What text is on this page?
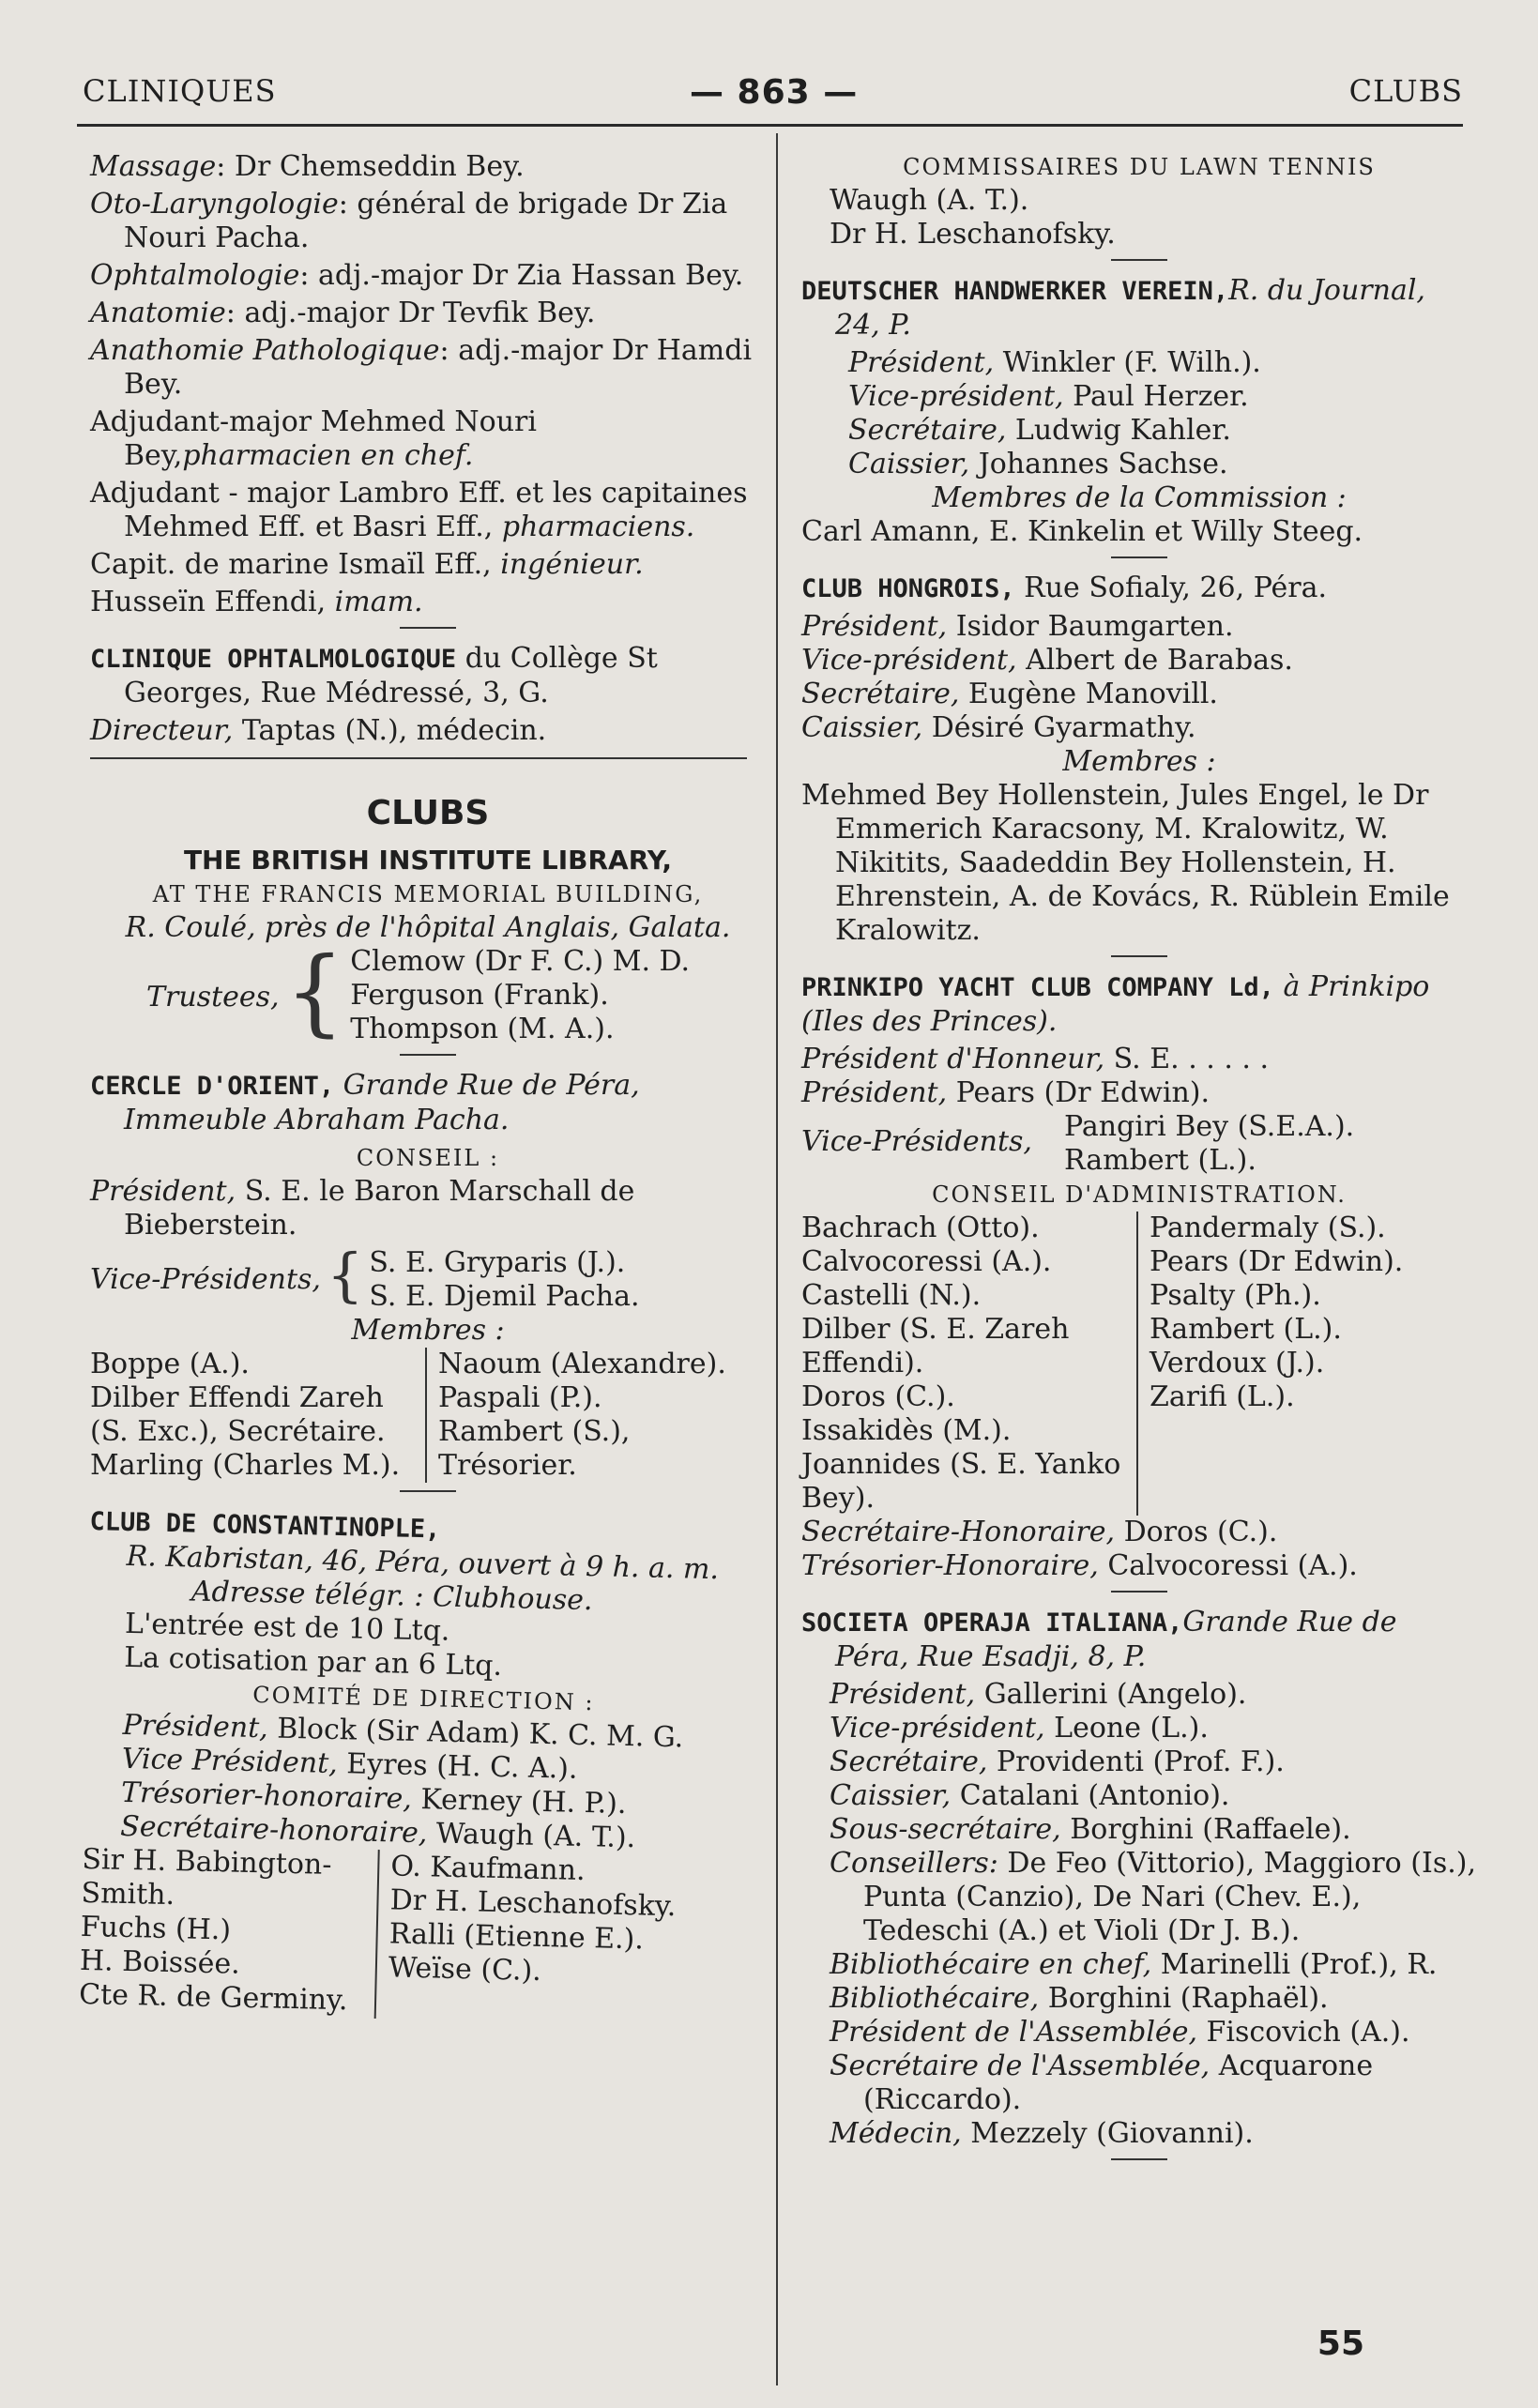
CLINIQUES	— 863 —	CLUBS
Massage: Dr Chemseddin Bey.
Oto-Laryngologie: général de brigade Dr Zia Nouri Pacha.
Ophtalmologie: adj.-major Dr Zia Hassan Bey.
Anatomie: adj.-major Dr Tevfik Bey.
Anathomie Pathologique: adj.-major Dr Hamdi Bey.
Adjudant-major Mehmed Nouri Bey,pharmacien en chef.
Adjudant - major Lambro Eff. et les capitaines Mehmed Eff. et Basri Eff., pharmaciens.
Capit. de marine Ismaïl Eff., ingénieur.
Husseïn Effendi, imam.
CLINIQUE OPHTALMOLOGIQUE du Collège St Georges, Rue Médressé, 3, G.
Directeur, Taptas (N.), médecin.
CLUBS
THE BRITISH INSTITUTE LIBRARY,
AT THE FRANCIS MEMORIAL BUILDING,
R. Coulé, près de l'hôpital Anglais, Galata.
Trustees, { Clemow (Dr F. C.) M. D.
Ferguson (Frank).
Thompson (M. A.).
CERCLE D'ORIENT, Grande Rue de Péra, Immeuble Abraham Pacha.
CONSEIL :
Président, S. E. le Baron Marschall de Bieberstein.
Vice-Présidents, { S. E. Gryparis (J.).
S. E. Djemil Pacha.
Membres :
Boppe (A.).
Dilber Effendi Zareh (S. Exc.), Secrétaire.
Marling (Charles M.).
Naoum (Alexandre).
Paspali (P.).
Rambert (S.), Trésorier.
CLUB DE CONSTANTINOPLE,
R. Kabristan, 46, Péra, ouvert à 9 h. a. m.
Adresse télégr. : Clubhouse.
L'entrée est de 10 Ltq.
La cotisation par an 6 Ltq.
COMITÉ DE DIRECTION :
Président, Block (Sir Adam) K. C. M. G.
Vice Président, Eyres (H. C. A.).
Trésorier-honoraire, Kerney (H. P.).
Secrétaire-honoraire, Waugh (A. T.).
Sir H. Babington-Smith.
Fuchs (H.)
H. Boissée.
Cte R. de Germiny.
O. Kaufmann.
Dr H. Leschanofsky.
Ralli (Etienne E.).
Weïse (C.).
COMMISSAIRES DU LAWN TENNIS
Waugh (A. T.).
Dr H. Leschanofsky.
DEUTSCHER HANDWERKER VEREIN,R. du Journal, 24, P.
Président, Winkler (F. Wilh.).
Vice-président, Paul Herzer.
Secrétaire, Ludwig Kahler.
Caissier, Johannes Sachse.
Membres de la Commission :
Carl Amann, E. Kinkelin et Willy Steeg.
CLUB HONGROIS, Rue Sofialy, 26, Péra.
Président, Isidor Baumgarten.
Vice-président, Albert de Barabas.
Secrétaire, Eugène Manovill.
Caissier, Désiré Gyarmathy.
Membres :
Mehmed Bey Hollenstein, Jules Engel, le Dr Emmerich Karacsony, M. Kralowitz, W. Nikitits, Saadeddin Bey Hollenstein, H. Ehrenstein, A. de Kovács, R. Rüblein Emile Kralowitz.
PRINKIPO YACHT CLUB COMPANY Ld, à Prinkipo (Iles des Princes).
Président d'Honneur, S. E. . . . . .
Président, Pears (Dr Edwin).
Vice-Présidents,	Pangiri Bey (S.E.A.).
Rambert (L.).
CONSEIL D'ADMINISTRATION.
Bachrach (Otto).
Calvocoressi (A.).
Castelli (N.).
Dilber (S. E. Zareh Effendi).
Doros (C.).
Issakidès (M.).
Joannides (S. E. Yanko Bey).
Pandermaly (S.).
Pears (Dr Edwin).
Psalty (Ph.).
Rambert (L.).
Verdoux (J.).
Zarifi (L.).
Secrétaire-Honoraire, Doros (C.).
Trésorier-Honoraire, Calvocoressi (A.).
SOCIETA OPERAJA ITALIANA,Grande Rue de Péra, Rue Esadji, 8, P.
Président, Gallerini (Angelo).
Vice-président, Leone (L.).
Secrétaire, Providenti (Prof. F.).
Caissier, Catalani (Antonio).
Sous-secrétaire, Borghini (Raffaele).
Conseillers: De Feo (Vittorio), Maggioro (Is.), Punta (Canzio), De Nari (Chev. E.), Tedeschi (A.) et Violi (Dr J. B.).
Bibliothécaire en chef, Marinelli (Prof.), R.
Bibliothécaire, Borghini (Raphaël).
Président de l'Assemblée, Fiscovich (A.).
Secrétaire de l'Assemblée, Acquarone (Riccardo).
Médecin, Mezzely (Giovanni).
55
